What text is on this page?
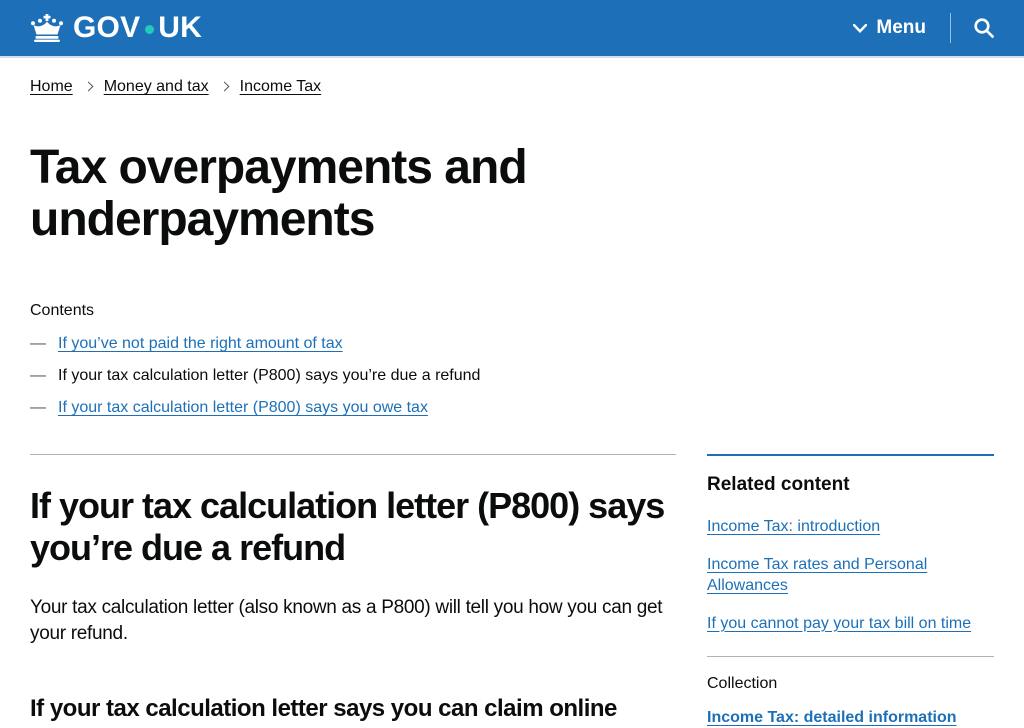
GOV UK	Menu
Home Money and tax Income Tax
Tax overpayments and underpayments
Contents
— If you’ve not paid the right amount of tax
— If your tax calculation letter (P800) says you’re due a refund
— If your tax calculation letter (P800) says you owe tax
If your tax calculation letter (P800) says you’re due a refund

Your tax calculation letter (also known as a P800) will tell you how you can get your refund.

If your tax calculation letter says you can claim online
Related content
Income Tax: introduction
Income Tax rates and Personal Allowances
If you cannot pay your tax bill on time
Collection
Income Tax: detailed information
